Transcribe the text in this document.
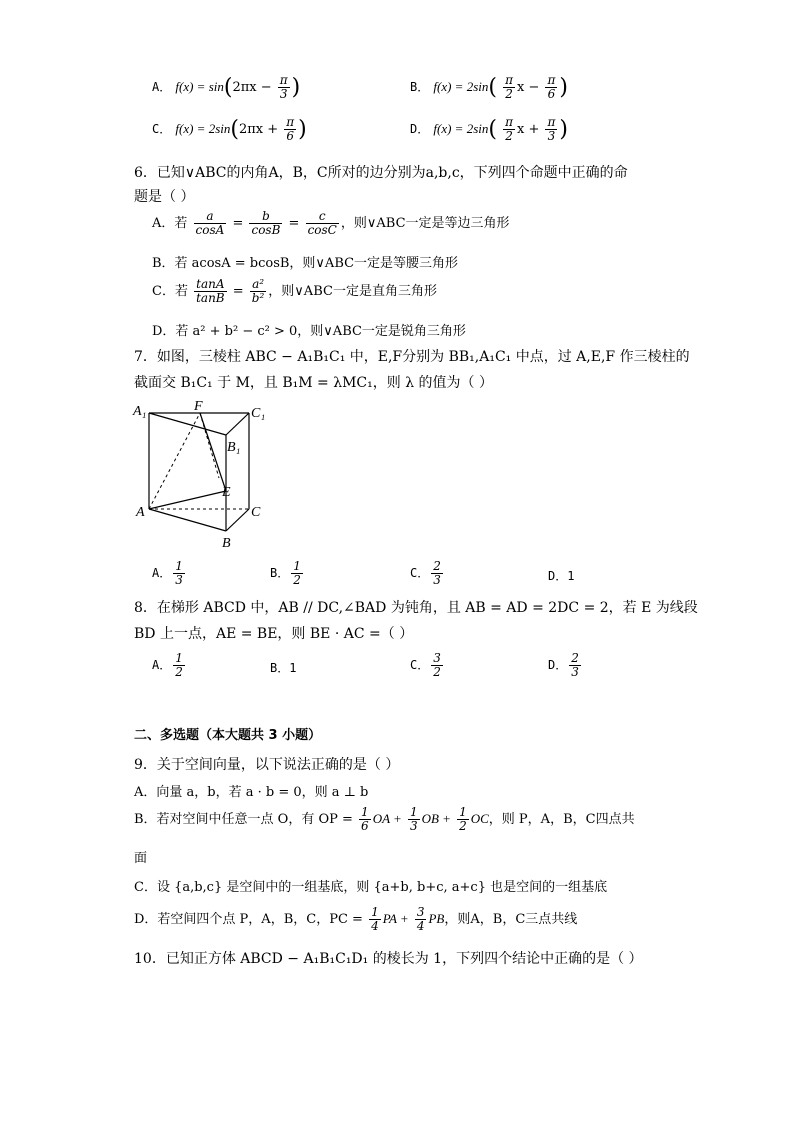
A． $f(x) = \sin(2\pi x - \frac{\pi}{3}$ )	B． $f(x) = 2\sin( \frac{\pi}{2}$ $x - \frac{\pi}{6}$ )
C． $f(x) = 2\sin(2\pi x + \frac{\pi}{6}$ )	D． $f(x) = 2\sin( \frac{\pi}{2}$ $x + \frac{\pi}{3}$ )
6．已知∨ABC的内角A，B，C所对的边分别为a,b,c，下列四个命题中正确的命
题是（ ）
A．若 $\frac{a}{\cos A} = \frac{b}{\cos B} = \frac{c}{\cos C}$ ，则∨ABC一定是等边三角形
B．若 acosA = bcosB，则∨ABC一定是等腰三角形
C．若 $\frac{\tan A}{\tan B} = \frac{\text{a²}}{\text{b²}}$ ，则∨ABC一定是直角三角形
D．若 a² + b² − c² > 0，则∨ABC一定是锐角三角形
7．如图，三棱柱 ABC − A₁B₁C₁ 中，E,F分别为 BB₁,A₁C₁ 中点，过 A,E,F 作三棱柱的
截面交 B₁C₁ 于 M，且 B₁M = λMC₁，则 λ 的值为（ ）
A₁	F	C₁
B₁
E
A	C
B
A． $\frac{1}{3}$	B． $\frac{1}{2}$	C． $\frac{2}{3}$	D．1
8．在梯形 ABCD 中，AB // DC,∠BAD 为钝角，且 AB = AD = 2DC = 2，若 E 为线段
BD 上一点，AE = BE，则 BE · AC =（ ）
A． $\frac{1}{2}$	B．1	C． $\frac{3}{2}$	D． $\frac{2}{3}$
二、多选题（本大题共 3 小题）
9．关于空间向量，以下说法正确的是（ ）
A．向量 a，b，若 a · b = 0，则 a ⊥ b
B．若对空间中任意一点 O，有 OP = $\frac{1}{6}$ OA + $\frac{1}{3}$ OB + $\frac{1}{2}$ OC，则 P，A，B，C四点共
面
C．设 {a,b,c} 是空间中的一组基底，则 {a+b, b+c, a+c} 也是空间的一组基底
D．若空间四个点 P，A，B，C，PC = $\frac{1}{4}$ PA + $\frac{3}{4}$ PB，则A，B，C三点共线
10．已知正方体 ABCD − A₁B₁C₁D₁ 的棱长为 1，下列四个结论中正确的是（ ）
